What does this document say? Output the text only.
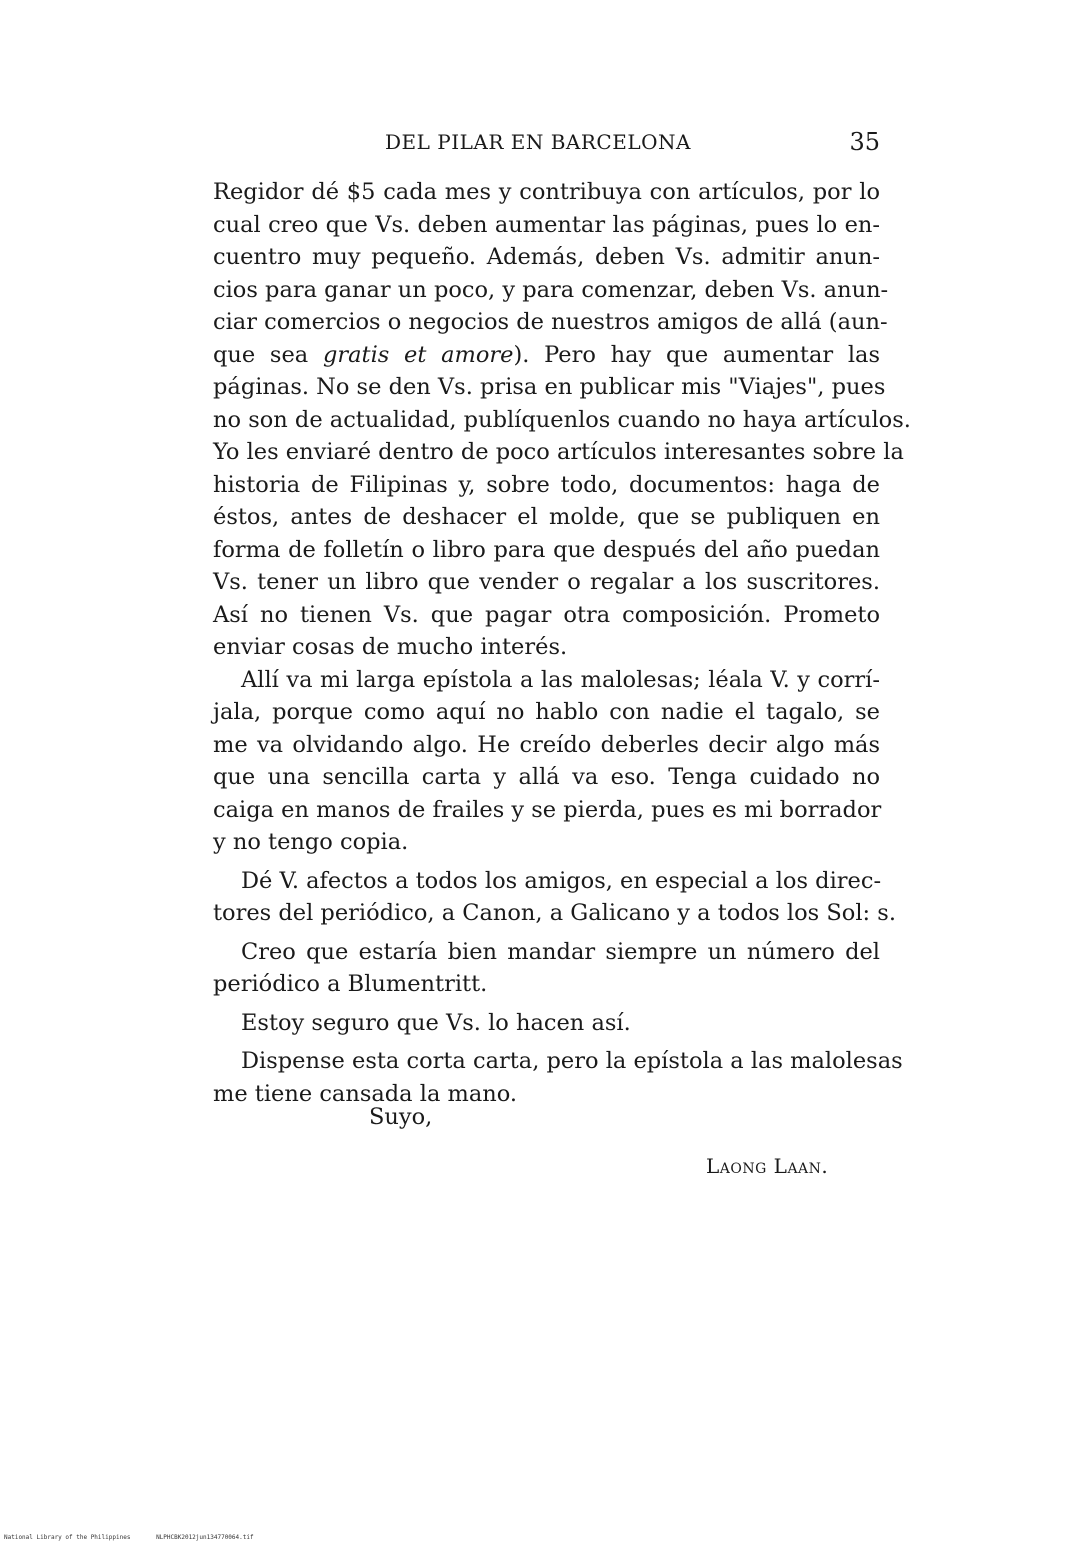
DEL PILAR EN BARCELONA	35
Regidor dé $5 cada mes y contribuya con artículos, por lo
cual creo que Vs. deben aumentar las páginas, pues lo en-
cuentro muy pequeño. Además, deben Vs. admitir anun-
cios para ganar un poco, y para comenzar, deben Vs. anun-
ciar comercios o negocios de nuestros amigos de allá (aun-
que sea gratis et amore). Pero hay que aumentar las
páginas. No se den Vs. prisa en publicar mis "Viajes", pues
no son de actualidad, publíquenlos cuando no haya artículos.
Yo les enviaré dentro de poco artículos interesantes sobre la
historia de Filipinas y, sobre todo, documentos: haga de
éstos, antes de deshacer el molde, que se publiquen en
forma de folletín o libro para que después del año puedan
Vs. tener un libro que vender o regalar a los suscritores.
Así no tienen Vs. que pagar otra composición. Prometo
enviar cosas de mucho interés.
Allí va mi larga epístola a las malolesas; léala V. y corrí-
jala, porque como aquí no hablo con nadie el tagalo, se
me va olvidando algo. He creído deberles decir algo más
que una sencilla carta y allá va eso. Tenga cuidado no
caiga en manos de frailes y se pierda, pues es mi borrador
y no tengo copia.
Dé V. afectos a todos los amigos, en especial a los direc-
tores del periódico, a Canon, a Galicano y a todos los Sol: s.
Creo que estaría bien mandar siempre un número del
periódico a Blumentritt.
Estoy seguro que Vs. lo hacen así.
Dispense esta corta carta, pero la epístola a las malolesas
me tiene cansada la mano.
Suyo,
Laong Laan.
National Library of the Philippines	NLPHCBK2012jun134770064.tif
